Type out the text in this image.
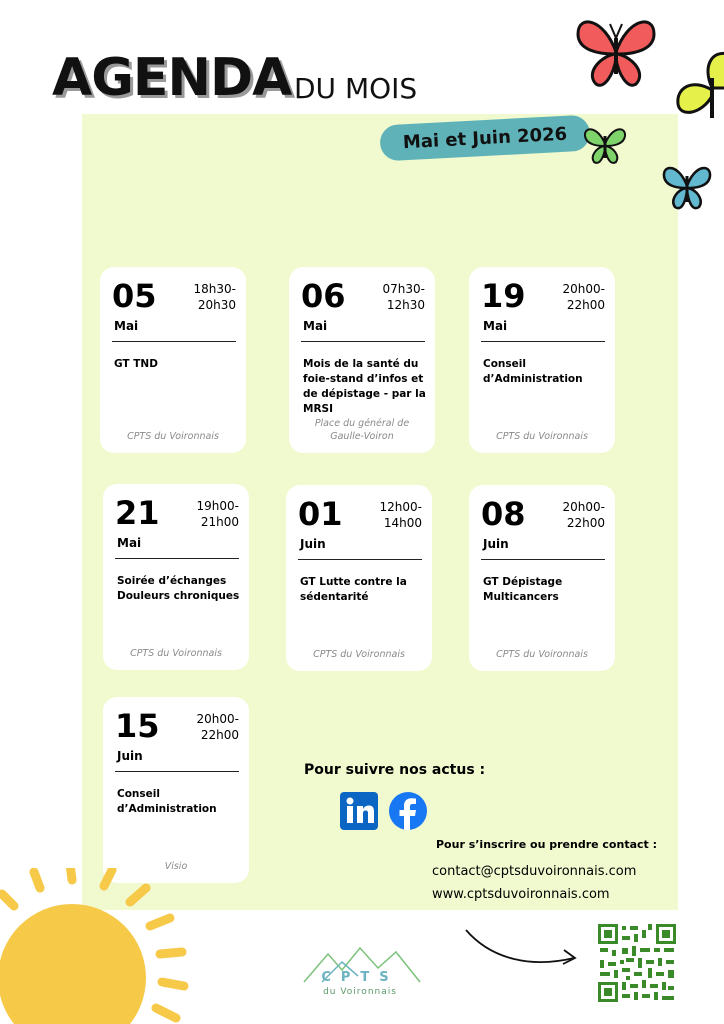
AGENDA DU MOIS
Mai et Juin 2026
05	18h30-20h30
Mai
GT TND
CPTS du Voironnais
06	07h30-12h30
Mai
Mois de la santé du foie-stand d’infos et de dépistage - par la MRSI
Place du général de Gaulle-Voiron
19	20h00-22h00
Mai
Conseil d’Administration
CPTS du Voironnais
21	19h00-21h00
Mai
Soirée d’échanges Douleurs chroniques
CPTS du Voironnais
01	12h00-14h00
Juin
GT Lutte contre la sédentarité
CPTS du Voironnais
08	20h00-22h00
Juin
GT Dépistage Multicancers
CPTS du Voironnais
15	20h00-22h00
Juin
Conseil d’Administration
Visio
Pour suivre nos actus :
Pour s’inscrire ou prendre contact :
contact@cptsduvoironnais.com
www.cptsduvoironnais.com
CPTS
du Voironnais
